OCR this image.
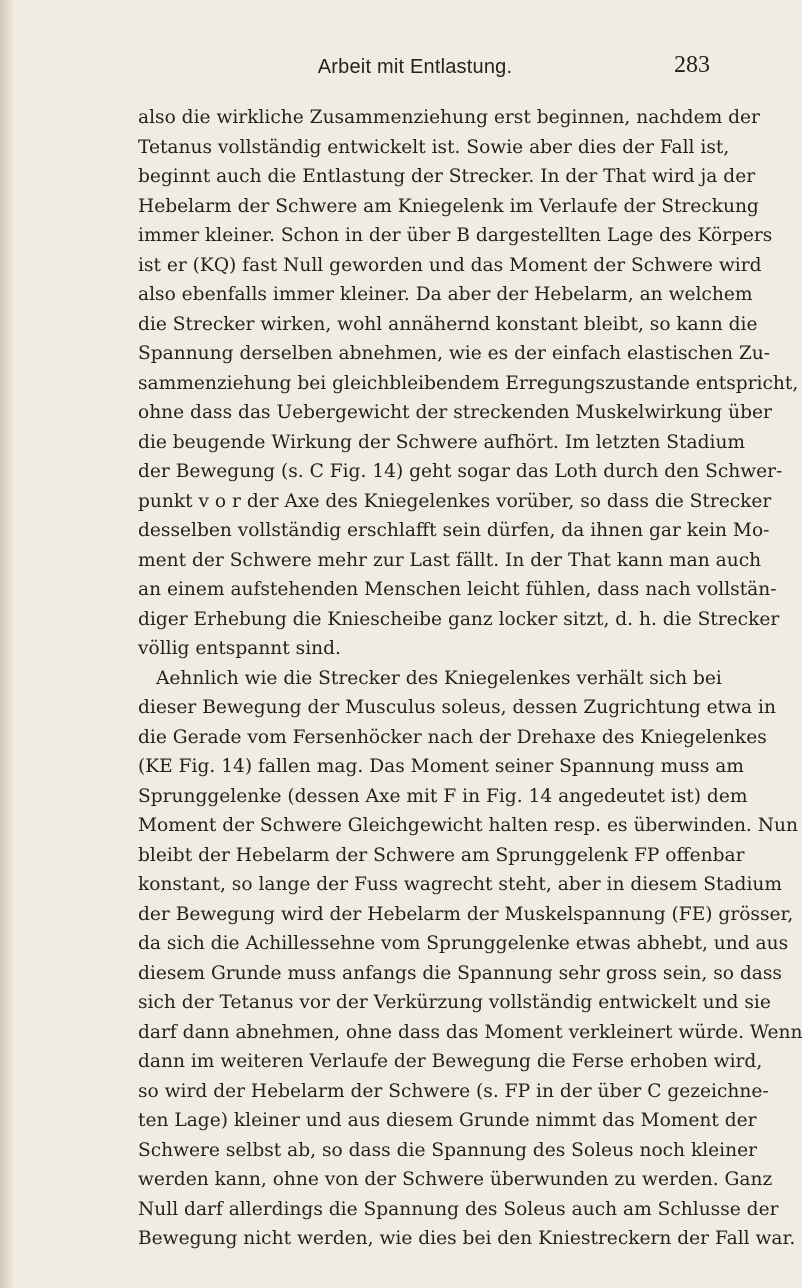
Arbeit mit Entlastung.	283
also die wirkliche Zusammenziehung erst beginnen, nachdem der
Tetanus vollständig entwickelt ist. Sowie aber dies der Fall ist,
beginnt auch die Entlastung der Strecker. In der That wird ja der
Hebelarm der Schwere am Kniegelenk im Verlaufe der Streckung
immer kleiner. Schon in der über B dargestellten Lage des Körpers
ist er (KQ) fast Null geworden und das Moment der Schwere wird
also ebenfalls immer kleiner. Da aber der Hebelarm, an welchem
die Strecker wirken, wohl annähernd konstant bleibt, so kann die
Spannung derselben abnehmen, wie es der einfach elastischen Zu-
sammenziehung bei gleichbleibendem Erregungszustande entspricht,
ohne dass das Uebergewicht der streckenden Muskelwirkung über
die beugende Wirkung der Schwere aufhört. Im letzten Stadium
der Bewegung (s. C Fig. 14) geht sogar das Loth durch den Schwer-
punkt v o r der Axe des Kniegelenkes vorüber, so dass die Strecker
desselben vollständig erschlafft sein dürfen, da ihnen gar kein Mo-
ment der Schwere mehr zur Last fällt. In der That kann man auch
an einem aufstehenden Menschen leicht fühlen, dass nach vollstän-
diger Erhebung die Kniescheibe ganz locker sitzt, d. h. die Strecker
völlig entspannt sind.
Aehnlich wie die Strecker des Kniegelenkes verhält sich bei
dieser Bewegung der Musculus soleus, dessen Zugrichtung etwa in
die Gerade vom Fersenhöcker nach der Drehaxe des Kniegelenkes
(KE Fig. 14) fallen mag. Das Moment seiner Spannung muss am
Sprunggelenke (dessen Axe mit F in Fig. 14 angedeutet ist) dem
Moment der Schwere Gleichgewicht halten resp. es überwinden. Nun
bleibt der Hebelarm der Schwere am Sprunggelenk FP offenbar
konstant, so lange der Fuss wagrecht steht, aber in diesem Stadium
der Bewegung wird der Hebelarm der Muskelspannung (FE) grösser,
da sich die Achillessehne vom Sprunggelenke etwas abhebt, und aus
diesem Grunde muss anfangs die Spannung sehr gross sein, so dass
sich der Tetanus vor der Verkürzung vollständig entwickelt und sie
darf dann abnehmen, ohne dass das Moment verkleinert würde. Wenn
dann im weiteren Verlaufe der Bewegung die Ferse erhoben wird,
so wird der Hebelarm der Schwere (s. FP in der über C gezeichne-
ten Lage) kleiner und aus diesem Grunde nimmt das Moment der
Schwere selbst ab, so dass die Spannung des Soleus noch kleiner
werden kann, ohne von der Schwere überwunden zu werden. Ganz
Null darf allerdings die Spannung des Soleus auch am Schlusse der
Bewegung nicht werden, wie dies bei den Kniestreckern der Fall war.
